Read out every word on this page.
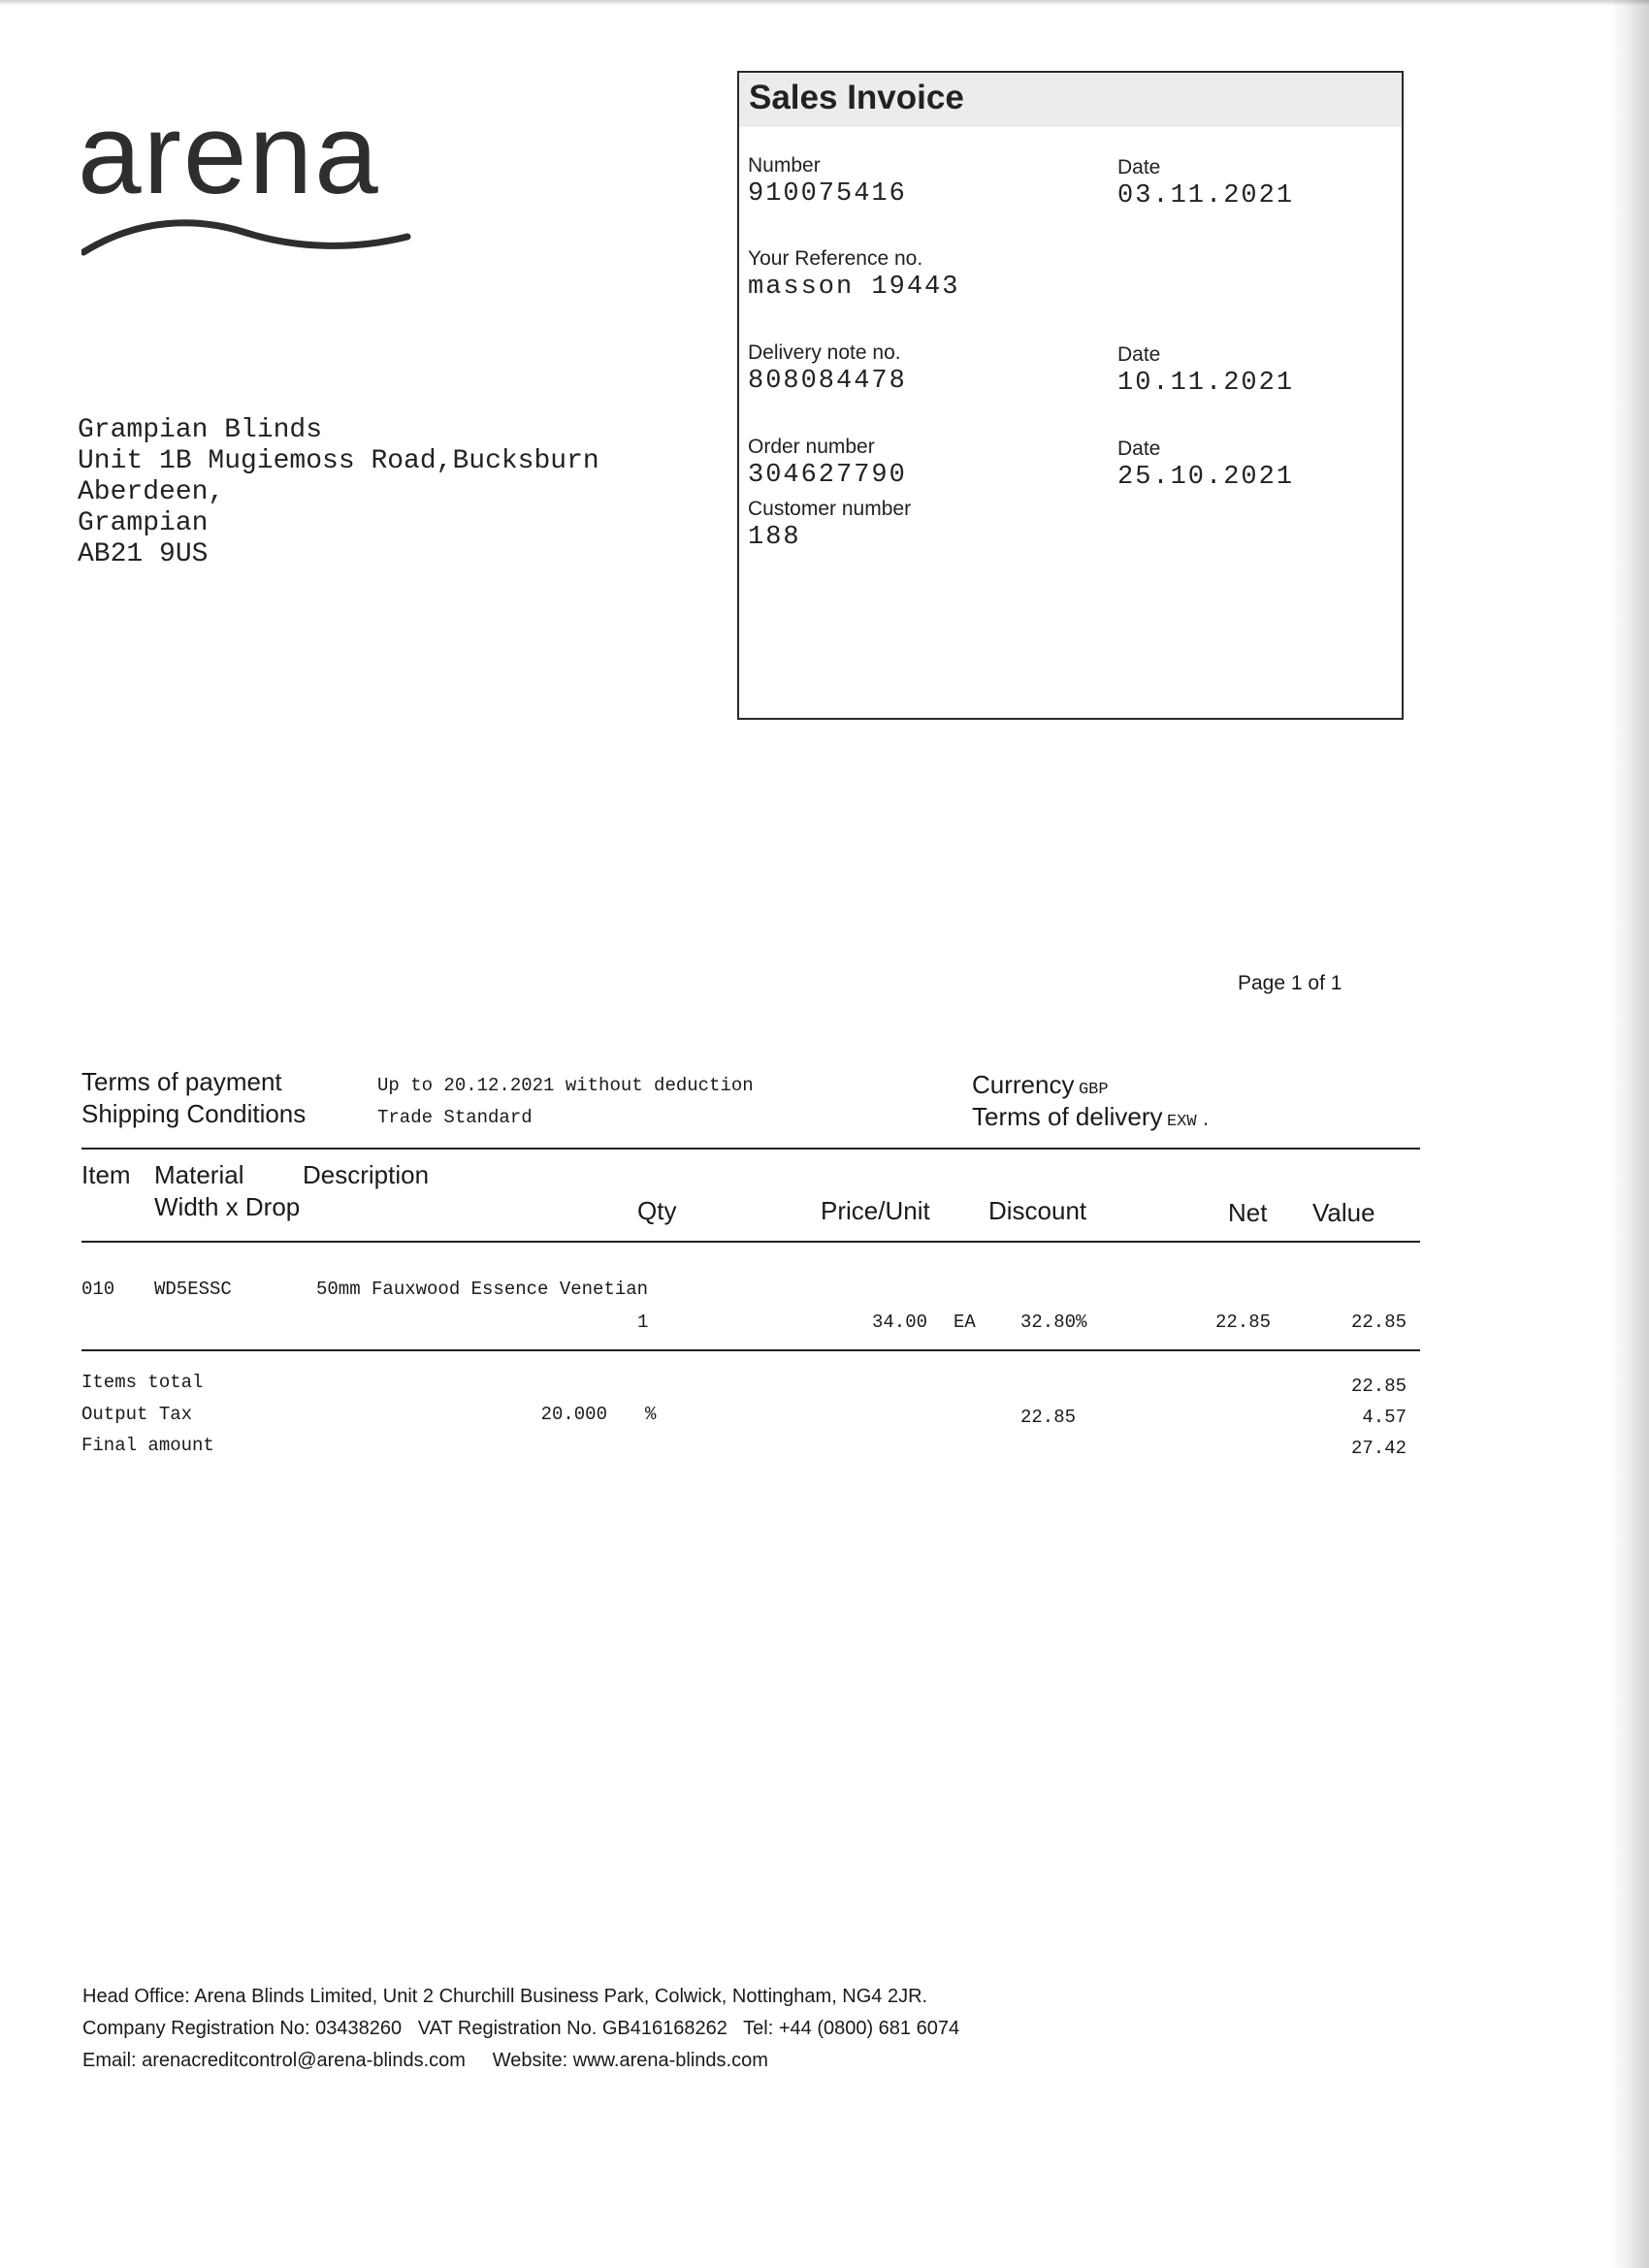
arena	Sales Invoice
Number
910075416
Date
03.11.2021
Your Reference no.
masson 19443
Delivery note no.
808084478
Date
10.11.2021
Order number
304627790
Date
25.10.2021
Customer number
188
Grampian Blinds
Unit 1B Mugiemoss Road,Bucksburn
Aberdeen,
Grampian
AB21 9US
Page 1 of 1
Terms of payment	Up to 20.12.2021 without deduction
Shipping Conditions	Trade Standard
Currency GBP
Terms of delivery EXW .
Item Material Description
Width x Drop	Qty	Price/Unit Discount	Net Value
010 WD5ESSC	50mm Fauxwood Essence Venetian
1	34.00 EA 32.80%	22.85	22.85
Items total	22.85
Output Tax	20.000 %	22.85	4.57
Final amount	27.42
Head Office: Arena Blinds Limited, Unit 2 Churchill Business Park, Colwick, Nottingham, NG4 2JR.
Company Registration No: 03438260   VAT Registration No. GB416168262   Tel: +44 (0800) 681 6074
Email: arenacreditcontrol@arena-blinds.com     Website: www.arena-blinds.com
